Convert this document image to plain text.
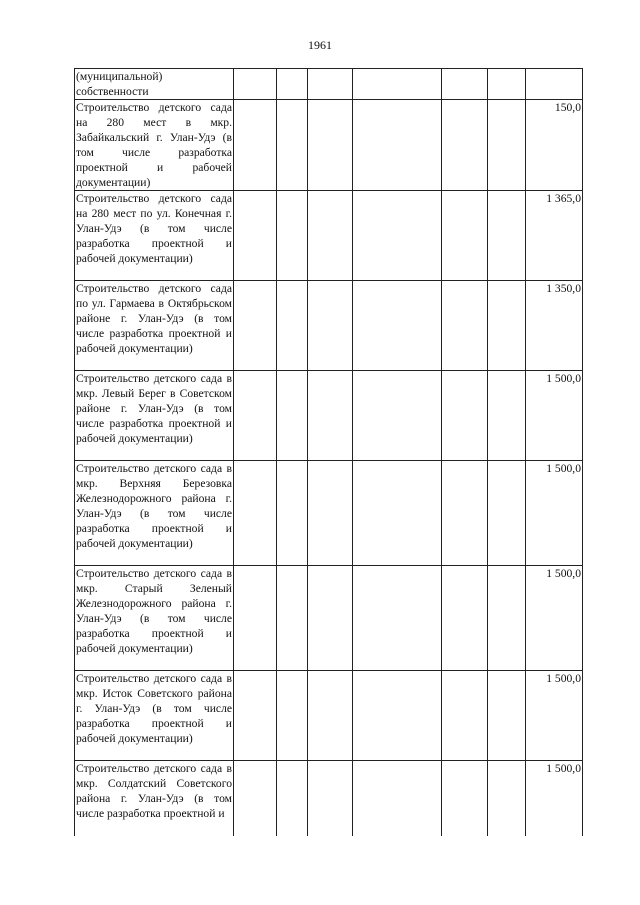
1961
(муниципальной) собственности							
Строительство детского сада на 280 мест в мкр. Забайкальский г. Улан-Удэ (в том числе разработка проектной и рабочей документации)							150,0
Строительство детского сада на 280 мест по ул. Конечная г. Улан-Удэ (в том числе разработка проектной и рабочей документации)							1 365,0
Строительство детского сада по ул. Гармаева в Октябрьском районе г. Улан-Удэ (в том числе разработка проектной и рабочей документации)							1 350,0
Строительство детского сада в мкр. Левый Берег в Советском районе г. Улан-Удэ (в том числе разработка проектной и рабочей документации)							1 500,0
Строительство детского сада в мкр. Верхняя Березовка Железнодорожного района г. Улан-Удэ (в том числе разработка проектной и рабочей документации)							1 500,0
Строительство детского сада в мкр. Старый Зеленый Железнодорожного района г. Улан-Удэ (в том числе разработка проектной и рабочей документации)							1 500,0
Строительство детского сада в мкр. Исток Советского района г. Улан-Удэ (в том числе разработка проектной и рабочей документации)							1 500,0
Строительство детского сада в мкр. Солдатский Советского района г. Улан-Удэ (в том числе разработка проектной и							1 500,0
